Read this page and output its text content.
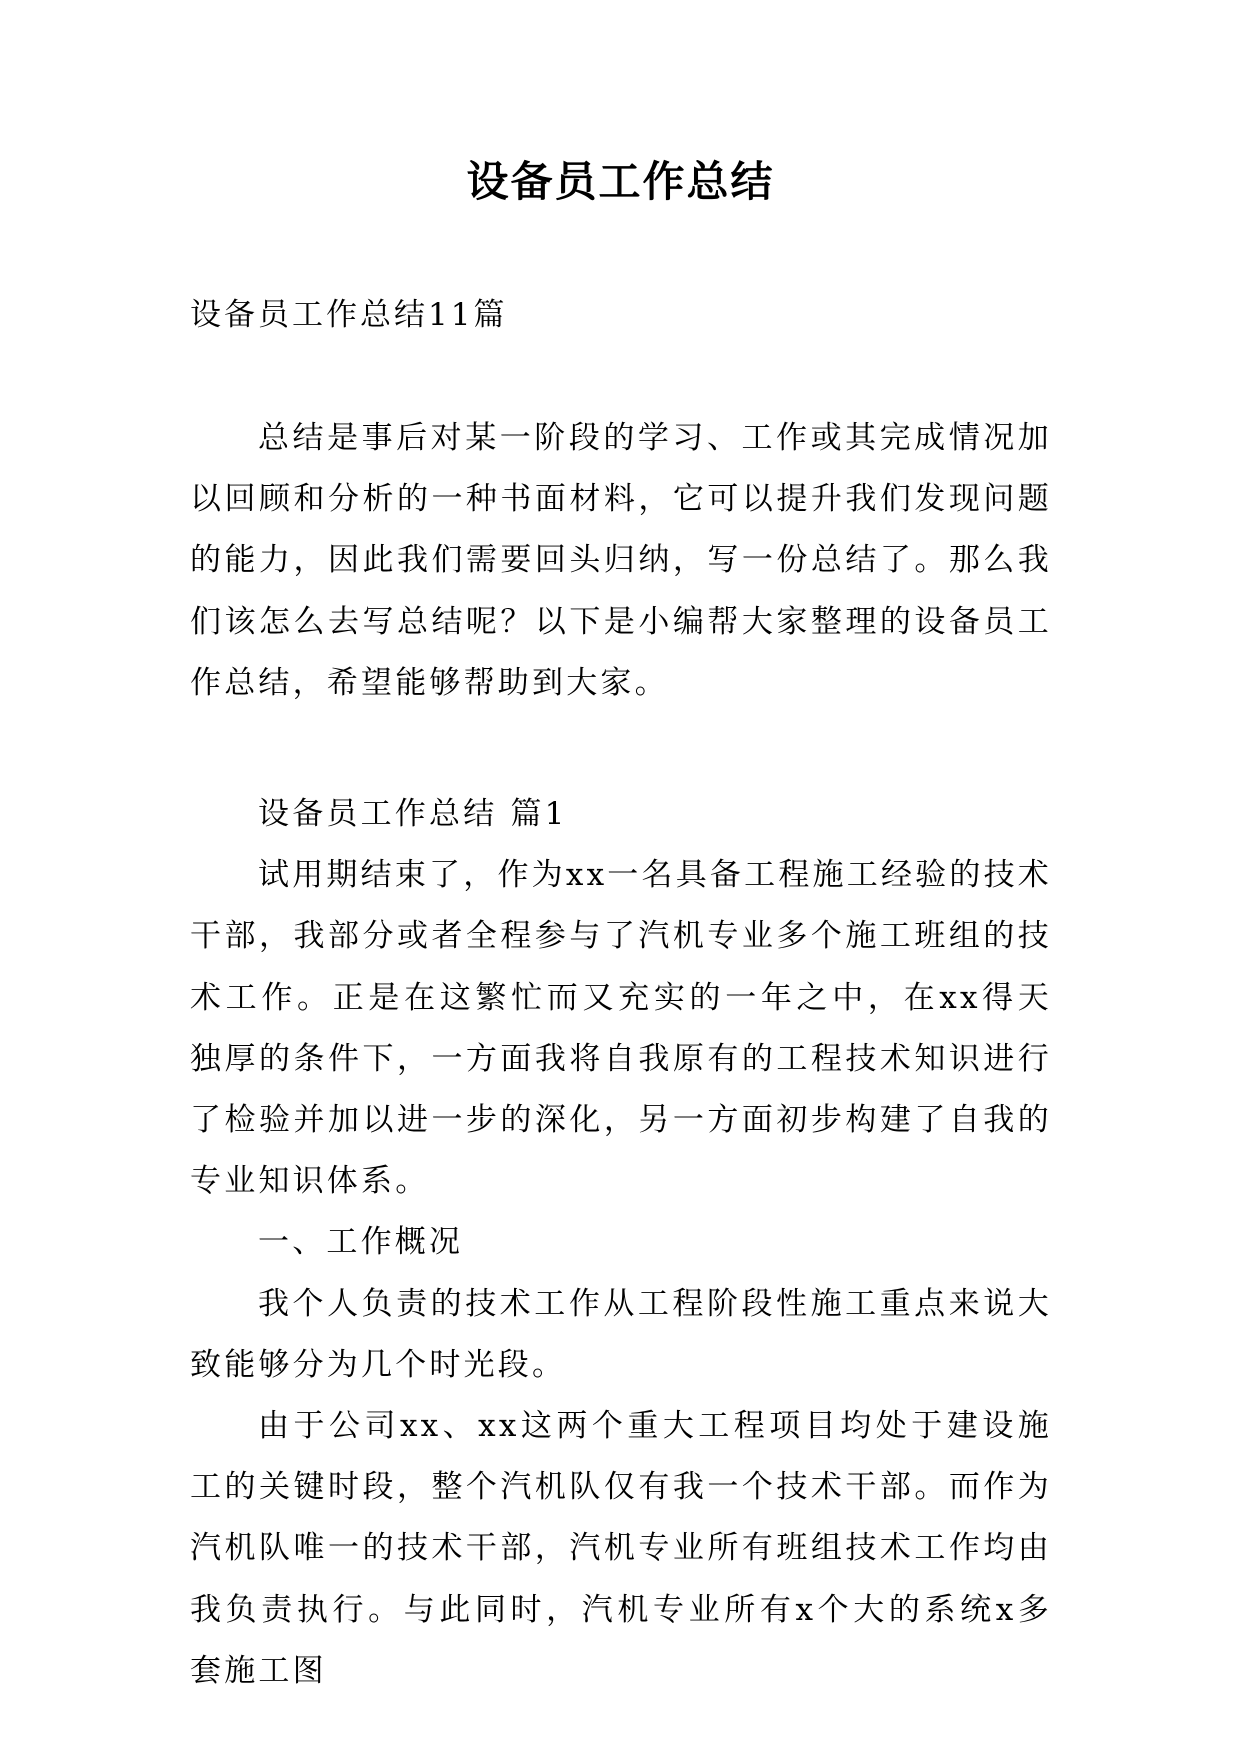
设备员工作总结
设备员工作总结11篇

总结是事后对某一阶段的学习、工作或其完成情况加以回顾和分析的一种书面材料，它可以提升我们发现问题的能力，因此我们需要回头归纳，写一份总结了。那么我们该怎么去写总结呢？以下是小编帮大家整理的设备员工作总结，希望能够帮助到大家。

设备员工作总结 篇1

试用期结束了，作为xx一名具备工程施工经验的技术干部，我部分或者全程参与了汽机专业多个施工班组的技术工作。正是在这繁忙而又充实的一年之中，在xx得天独厚的条件下，一方面我将自我原有的工程技术知识进行了检验并加以进一步的深化，另一方面初步构建了自我的专业知识体系。

一、工作概况

我个人负责的技术工作从工程阶段性施工重点来说大致能够分为几个时光段。

由于公司xx、xx这两个重大工程项目均处于建设施工的关键时段，整个汽机队仅有我一个技术干部。而作为汽机队唯一的技术干部，汽机专业所有班组技术工作均由我负责执行。与此同时，汽机专业所有x个大的系统x多套施工图
